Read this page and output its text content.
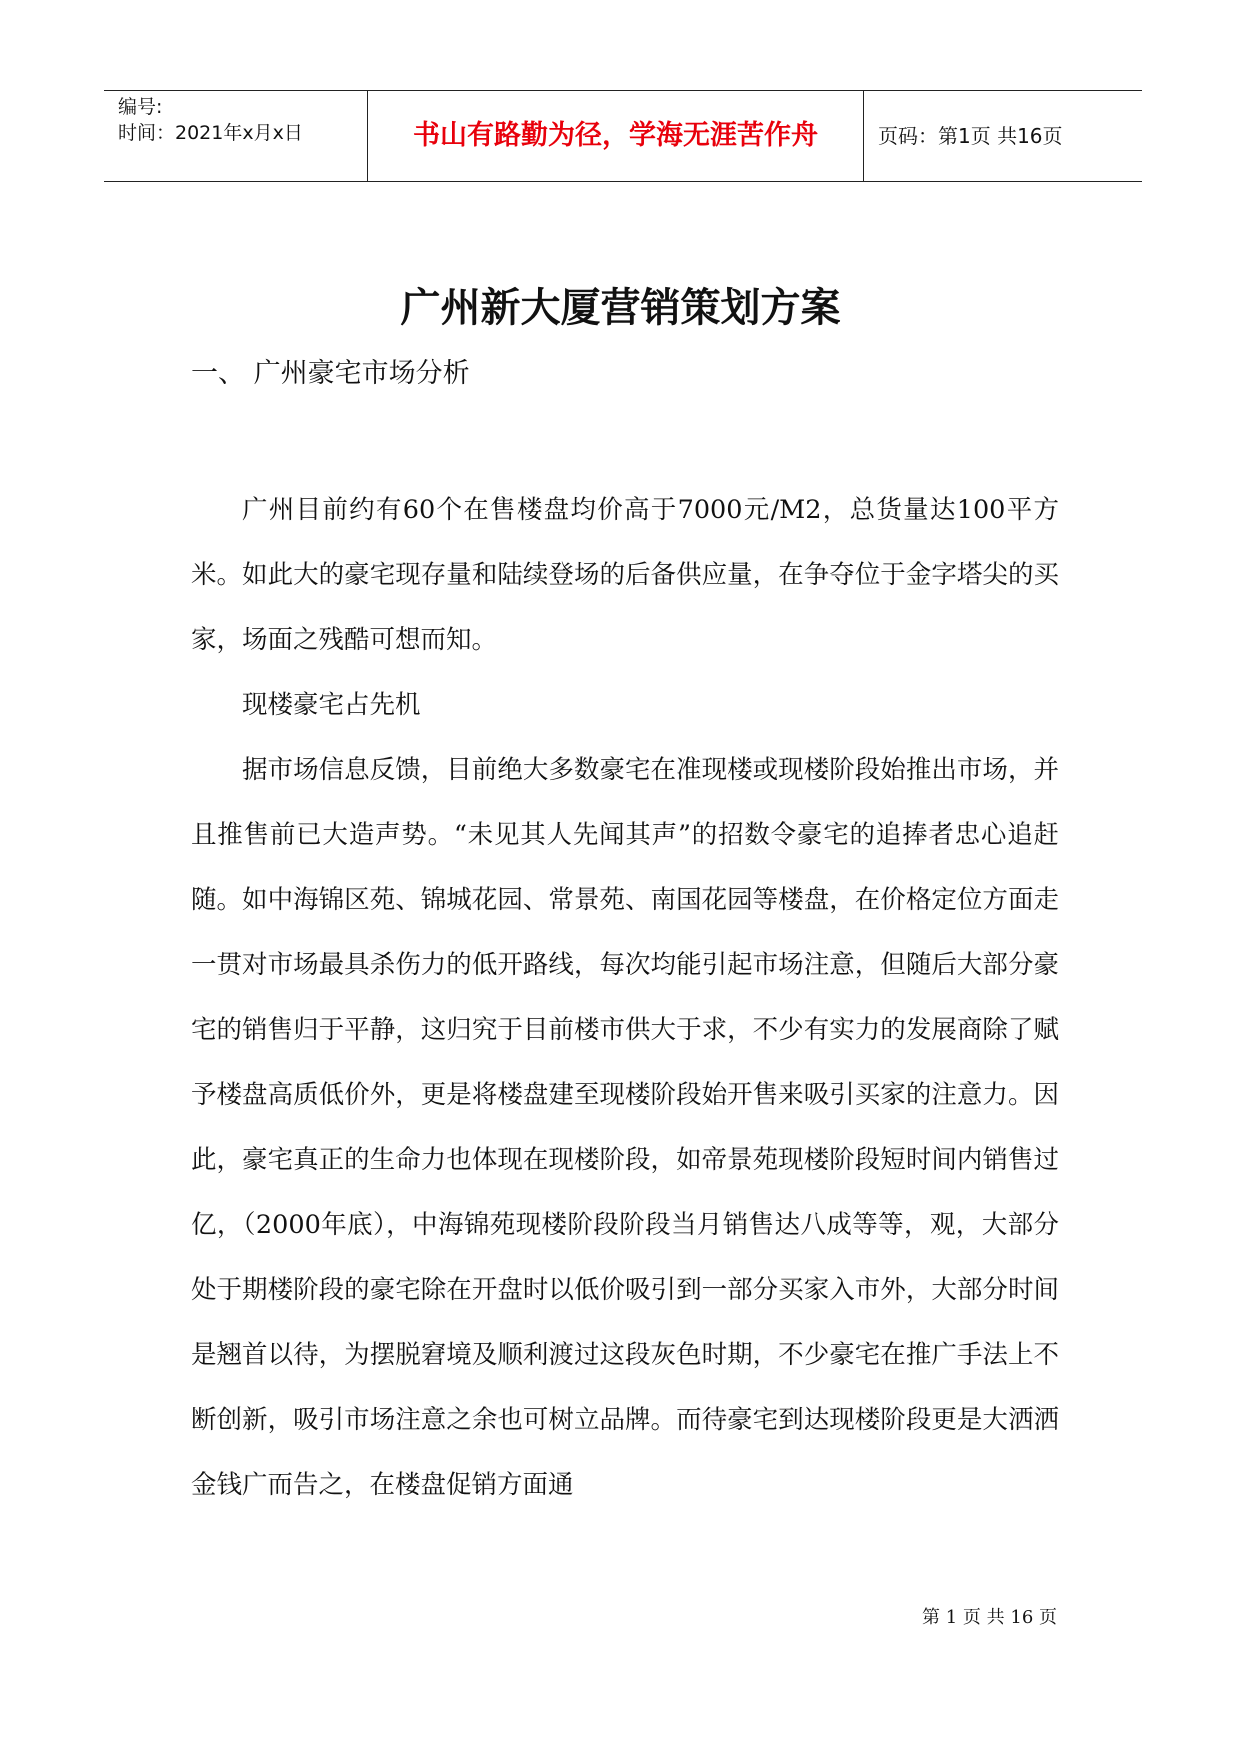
编号:
时间：2021年x月x日	书山有路勤为径，学海无涯苦作舟	页码：第1页 共16页
广州新大厦营销策划方案
一、 广州豪宅市场分析

广州目前约有60个在售楼盘均价高于7000元/M2，总货量达100平方米。如此大的豪宅现存量和陆续登场的后备供应量，在争夺位于金字塔尖的买家，场面之残酷可想而知。

现楼豪宅占先机

据市场信息反馈，目前绝大多数豪宅在准现楼或现楼阶段始推出市场，并且推售前已大造声势。“未见其人先闻其声”的招数令豪宅的追捧者忠心追赶随。如中海锦区苑、锦城花园、常景苑、南国花园等楼盘，在价格定位方面走一贯对市场最具杀伤力的低开路线，每次均能引起市场注意，但随后大部分豪宅的销售归于平静，这归究于目前楼市供大于求，不少有实力的发展商除了赋予楼盘高质低价外，更是将楼盘建至现楼阶段始开售来吸引买家的注意力。因此，豪宅真正的生命力也体现在现楼阶段，如帝景苑现楼阶段短时间内销售过亿，（2000年底），中海锦苑现楼阶段阶段当月销售达八成等等，观，大部分处于期楼阶段的豪宅除在开盘时以低价吸引到一部分买家入市外，大部分时间是翘首以待，为摆脱窘境及顺利渡过这段灰色时期，不少豪宅在推广手法上不断创新，吸引市场注意之余也可树立品牌。而待豪宅到达现楼阶段更是大洒洒金钱广而告之，在楼盘促销方面通

第 1 页 共 16 页
